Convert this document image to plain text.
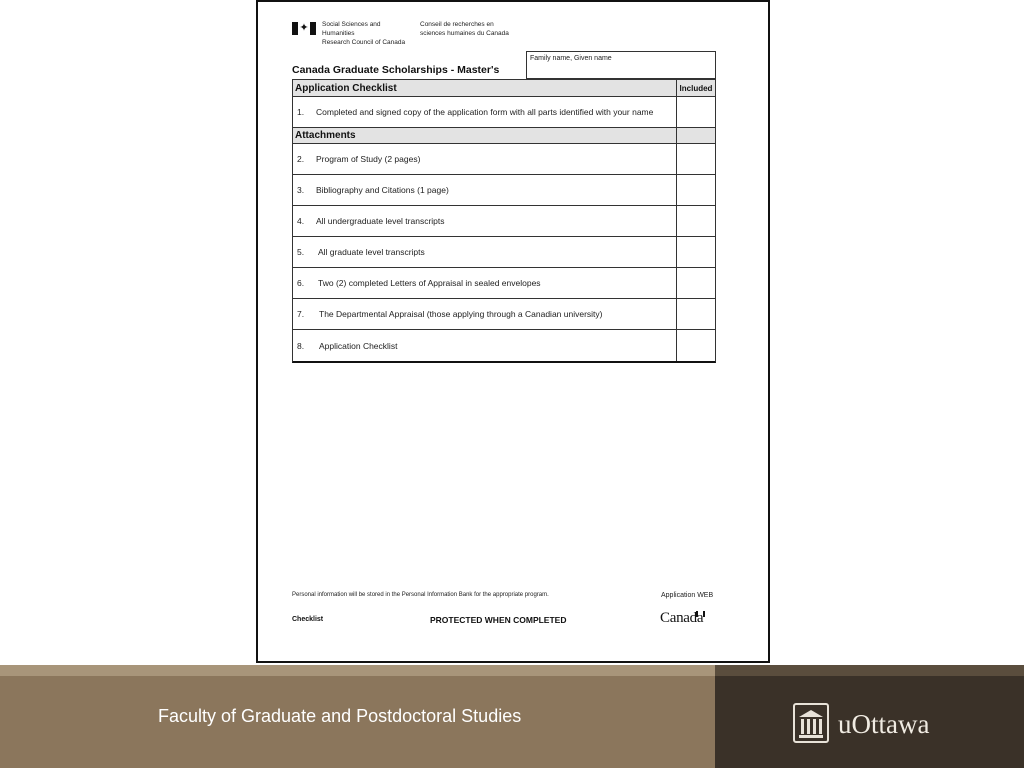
✦ Social Sciences and Humanities
Research Council of Canada
Conseil de recherches en
sciences humaines du Canada
Family name, Given name
Canada Graduate Scholarships - Master's
Application Checklist	Included
1. Completed and signed copy of the application form with all parts identified with your name
Attachments
2. Program of Study (2 pages)
3. Bibliography and Citations (1 page)
4. All undergraduate level transcripts
5. All graduate level transcripts
6. Two (2) completed Letters of Appraisal in sealed envelopes
7. The Departmental Appraisal (those applying through a Canadian university)
8. Application Checklist
Personal information will be stored in the Personal Information Bank for the appropriate program.	Application WEB
Checklist	PROTECTED WHEN COMPLETED	Canada
Faculty of Graduate and Postdoctoral Studies	uOttawa
